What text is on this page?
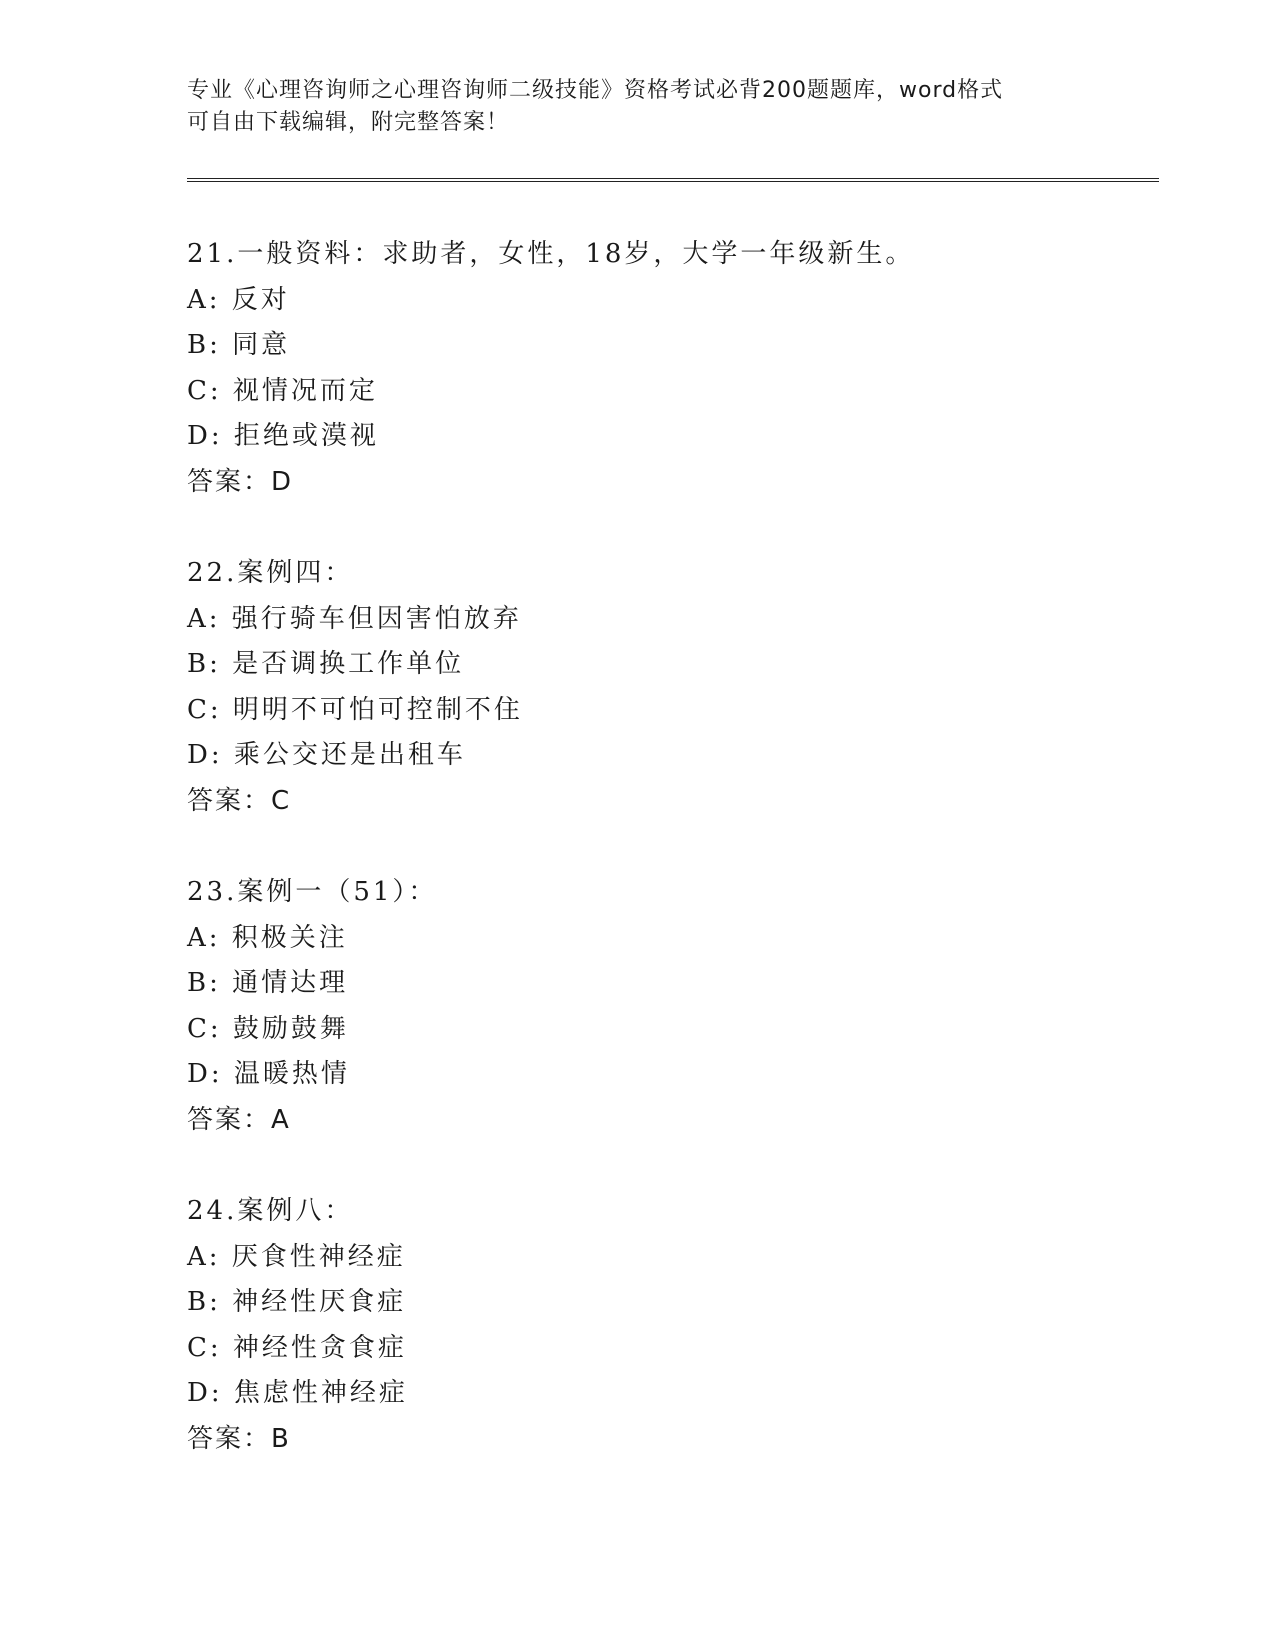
专业《心理咨询师之心理咨询师二级技能》资格考试必背200题题库，word格式
可自由下载编辑，附完整答案！
21.一般资料：求助者，女性，18岁，大学一年级新生。
A: 反对
B: 同意
C: 视情况而定
D: 拒绝或漠视
答案：D
22.案例四：
A: 强行骑车但因害怕放弃
B: 是否调换工作单位
C: 明明不可怕可控制不住
D: 乘公交还是出租车
答案：C
23.案例一（51）：
A: 积极关注
B: 通情达理
C: 鼓励鼓舞
D: 温暖热情
答案：A
24.案例八：
A: 厌食性神经症
B: 神经性厌食症
C: 神经性贪食症
D: 焦虑性神经症
答案：B
